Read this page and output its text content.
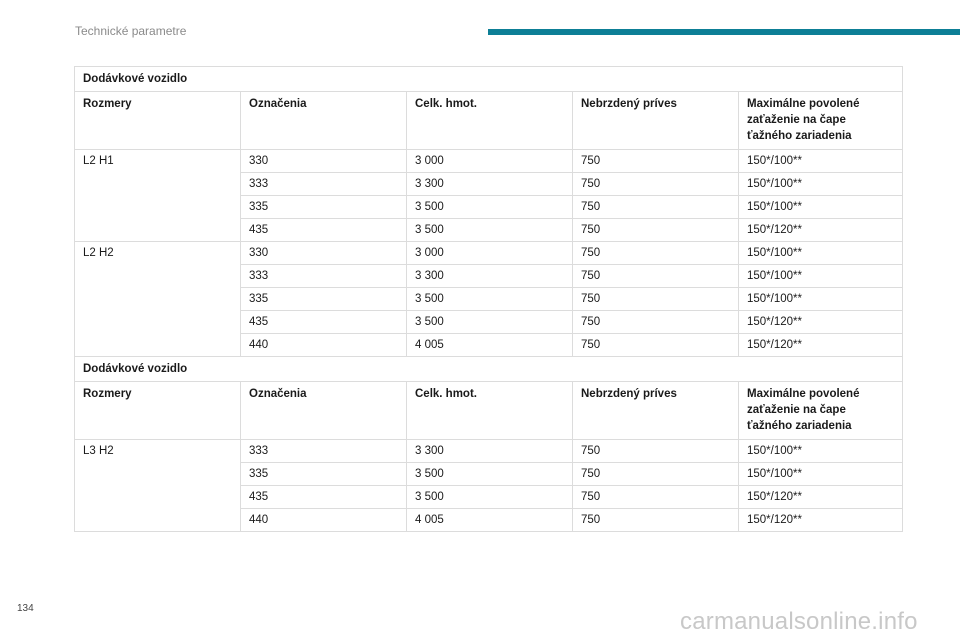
Technické parametre
Dodávkové vozidlo				
Rozmery	Označenia	Celk. hmot.	Nebrzdený príves	Maximálne povolené zaťaženie na čape ťažného zariadenia
L2 H1	330	3 000	750	150*/100**
	333	3 300	750	150*/100**
	335	3 500	750	150*/100**
	435	3 500	750	150*/120**
L2 H2	330	3 000	750	150*/100**
	333	3 300	750	150*/100**
	335	3 500	750	150*/100**
	435	3 500	750	150*/120**
	440	4 005	750	150*/120**
Dodávkové vozidlo				
Rozmery	Označenia	Celk. hmot.	Nebrzdený príves	Maximálne povolené zaťaženie na čape ťažného zariadenia
L3 H2	333	3 300	750	150*/100**
	335	3 500	750	150*/100**
	435	3 500	750	150*/120**
	440	4 005	750	150*/120**
134	carmanualsonline.info
